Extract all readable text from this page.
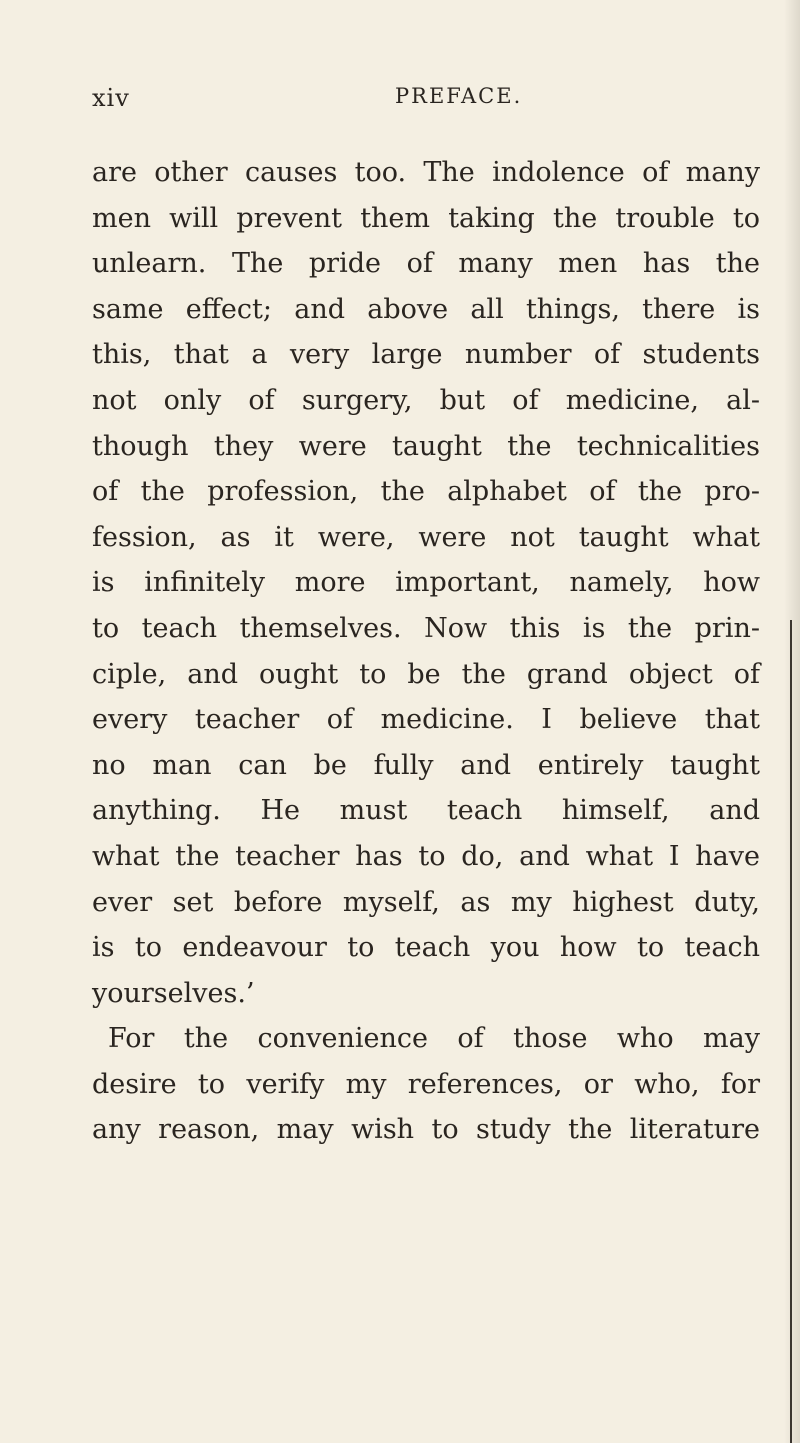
xiv	PREFACE.
are other causes too. The indolence of many
men will prevent them taking the trouble to
unlearn. The pride of many men has the
same effect; and above all things, there is
this, that a very large number of students
not only of surgery, but of medicine, al-
though they were taught the technicalities
of the profession, the alphabet of the pro-
fession, as it were, were not taught what
is infinitely more important, namely, how
to teach themselves. Now this is the prin-
ciple, and ought to be the grand object of
every teacher of medicine. I believe that
no man can be fully and entirely taught
anything. He must teach himself, and
what the teacher has to do, and what I have
ever set before myself, as my highest duty,
is to endeavour to teach you how to teach
yourselves.’
For the convenience of those who may
desire to verify my references, or who, for
any reason, may wish to study the literature
